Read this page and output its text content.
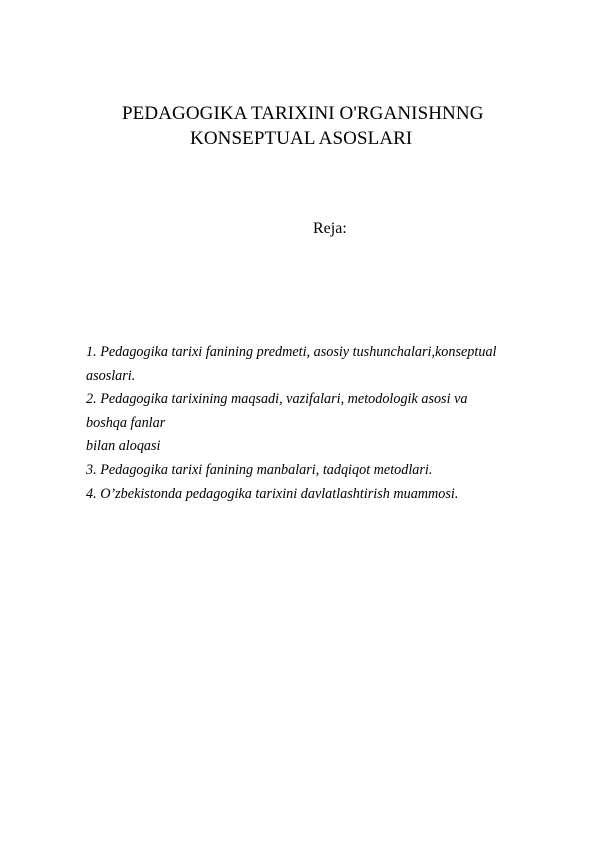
PEDAGOGIKA TARIXINI O'RGANISHNNG
KONSEPTUAL ASOSLARI
Reja:
1. Pedagogika tarixi fanining predmeti, asosiy tushunchalari,konseptual
asoslari.
2. Pedagogika tarixining maqsadi, vazifalari, metodologik asosi va
boshqa fanlar
bilan aloqasi
3. Pedagogika tarixi fanining manbalari, tadqiqot metodlari.
4. O’zbekistonda pedagogika tarixini davlatlashtirish muammosi.
